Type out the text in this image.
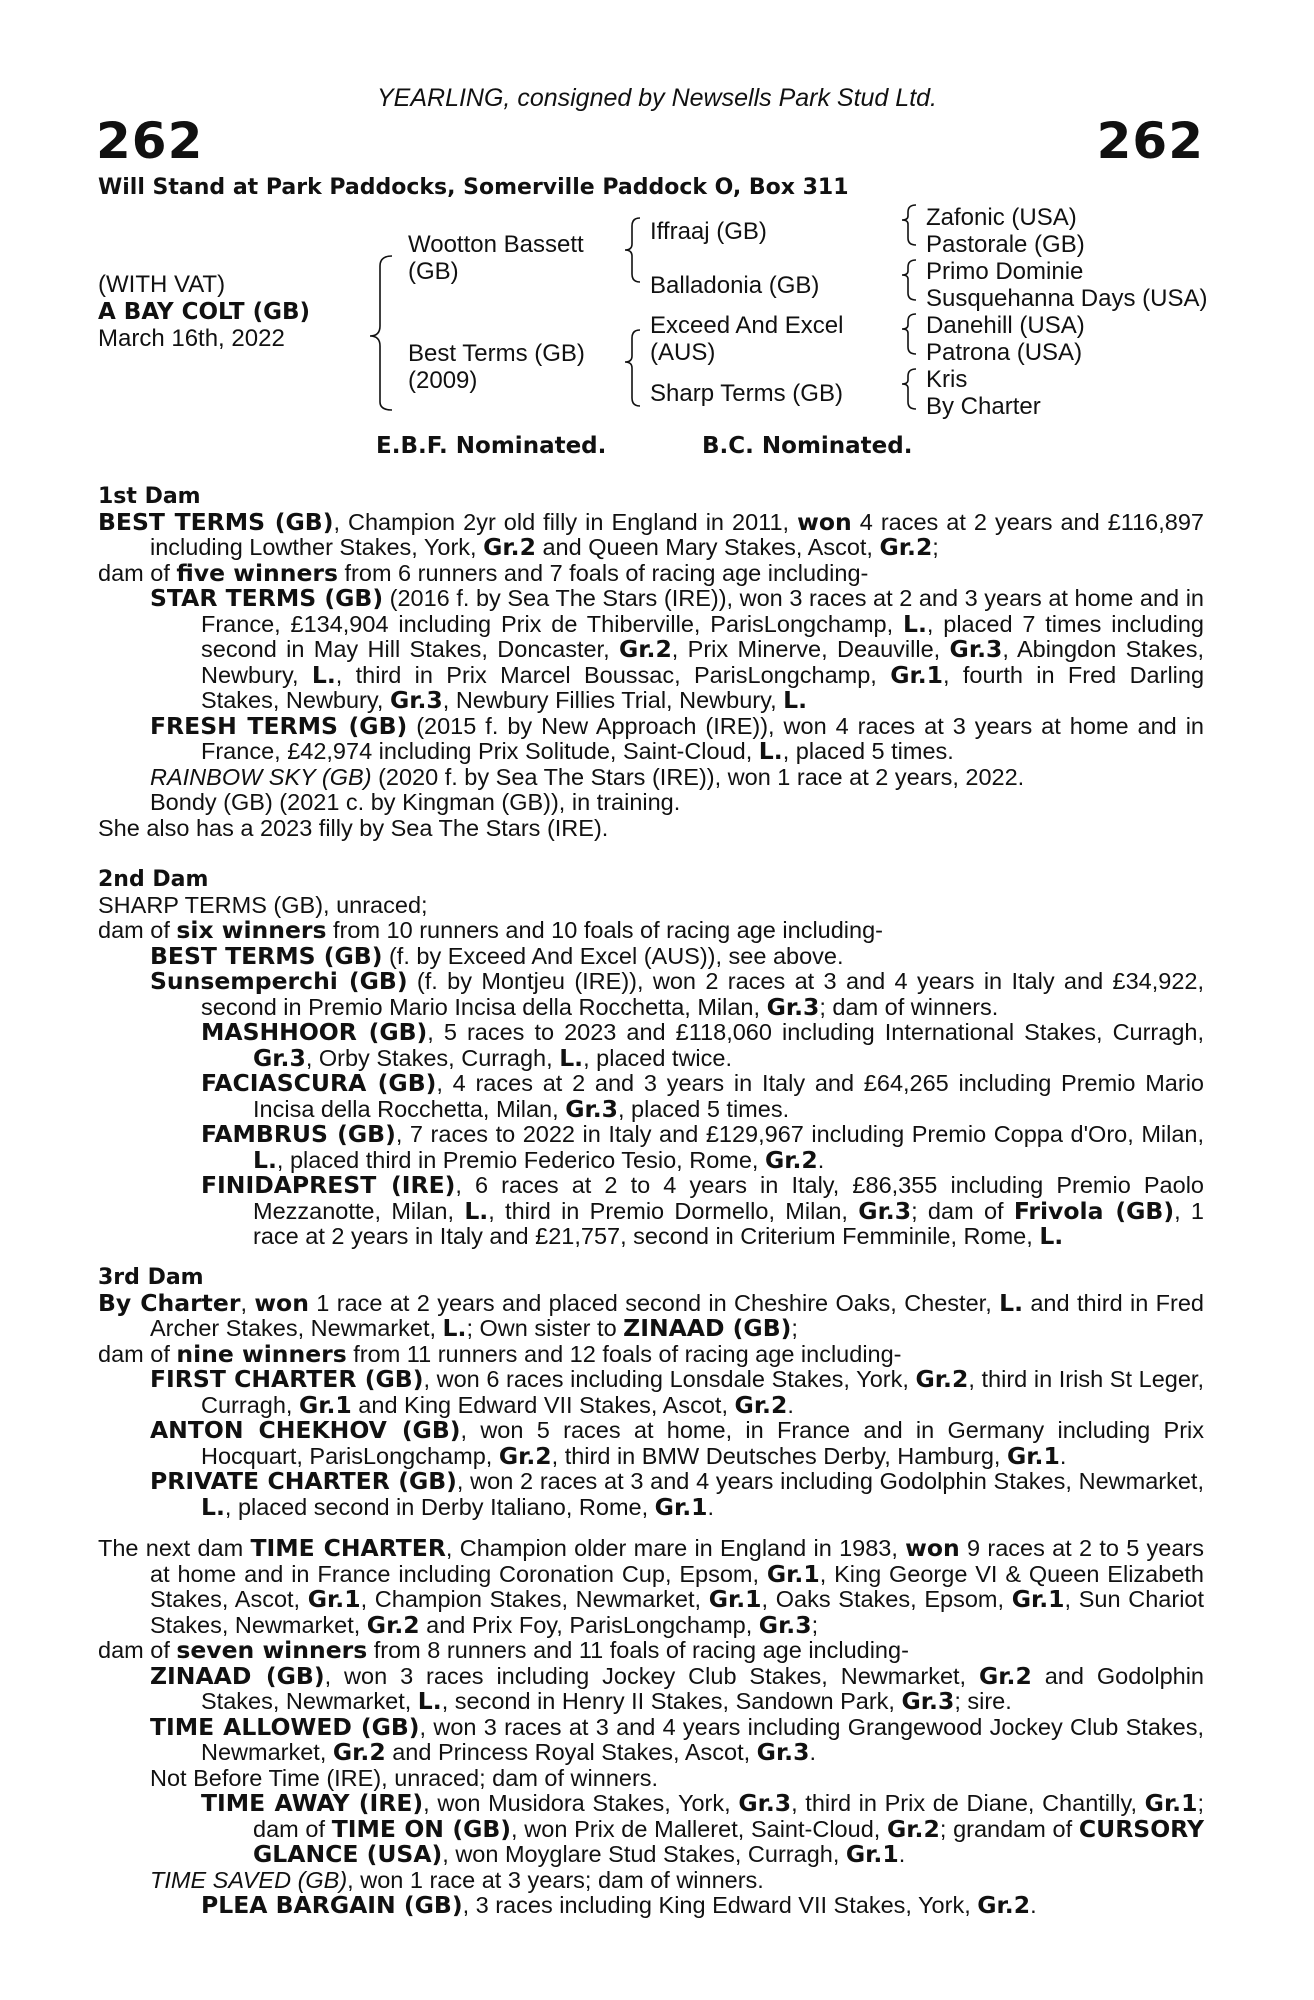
YEARLING, consigned by Newsells Park Stud Ltd.
262	262
Will Stand at Park Paddocks, Somerville Paddock O, Box 311
(WITH VAT)
A BAY COLT (GB)
March 16th, 2022
Wootton Bassett
(GB)
Best Terms (GB)
(2009)
Iffraaj (GB)
Balladonia (GB)
Exceed And Excel
(AUS)
Sharp Terms (GB)
Zafonic (USA)
Pastorale (GB)
Primo Dominie
Susquehanna Days (USA)
Danehill (USA)
Patrona (USA)
Kris
By Charter
E.B.F. Nominated.	B.C. Nominated.

1st Dam

BEST TERMS (GB), Champion 2yr old filly in England in 2011, won 4 races at 2 years and £116,897 including Lowther Stakes, York, Gr.2 and Queen Mary Stakes, Ascot, Gr.2;

dam of five winners from 6 runners and 7 foals of racing age including-

STAR TERMS (GB) (2016 f. by Sea The Stars (IRE)), won 3 races at 2 and 3 years at home and in France, £134,904 including Prix de Thiberville, ParisLongchamp, L., placed 7 times including second in May Hill Stakes, Doncaster, Gr.2, Prix Minerve, Deauville, Gr.3, Abingdon Stakes, Newbury, L., third in Prix Marcel Boussac, ParisLongchamp, Gr.1, fourth in Fred Darling Stakes, Newbury, Gr.3, Newbury Fillies Trial, Newbury, L.

FRESH TERMS (GB) (2015 f. by New Approach (IRE)), won 4 races at 3 years at home and in France, £42,974 including Prix Solitude, Saint-Cloud, L., placed 5 times.

RAINBOW SKY (GB) (2020 f. by Sea The Stars (IRE)), won 1 race at 2 years, 2022.

Bondy (GB) (2021 c. by Kingman (GB)), in training.

She also has a 2023 filly by Sea The Stars (IRE).

2nd Dam

SHARP TERMS (GB), unraced;

dam of six winners from 10 runners and 10 foals of racing age including-

BEST TERMS (GB) (f. by Exceed And Excel (AUS)), see above.

Sunsemperchi (GB) (f. by Montjeu (IRE)), won 2 races at 3 and 4 years in Italy and £34,922, second in Premio Mario Incisa della Rocchetta, Milan, Gr.3; dam of winners.

MASHHOOR (GB), 5 races to 2023 and £118,060 including International Stakes, Curragh, Gr.3, Orby Stakes, Curragh, L., placed twice.

FACIASCURA (GB), 4 races at 2 and 3 years in Italy and £64,265 including Premio Mario Incisa della Rocchetta, Milan, Gr.3, placed 5 times.

FAMBRUS (GB), 7 races to 2022 in Italy and £129,967 including Premio Coppa d'Oro, Milan, L., placed third in Premio Federico Tesio, Rome, Gr.2.

FINIDAPREST (IRE), 6 races at 2 to 4 years in Italy, £86,355 including Premio Paolo Mezzanotte, Milan, L., third in Premio Dormello, Milan, Gr.3; dam of Frivola (GB), 1 race at 2 years in Italy and £21,757, second in Criterium Femminile, Rome, L.

3rd Dam

By Charter, won 1 race at 2 years and placed second in Cheshire Oaks, Chester, L. and third in Fred Archer Stakes, Newmarket, L.; Own sister to ZINAAD (GB);

dam of nine winners from 11 runners and 12 foals of racing age including-

FIRST CHARTER (GB), won 6 races including Lonsdale Stakes, York, Gr.2, third in Irish St Leger, Curragh, Gr.1 and King Edward VII Stakes, Ascot, Gr.2.

ANTON CHEKHOV (GB), won 5 races at home, in France and in Germany including Prix Hocquart, ParisLongchamp, Gr.2, third in BMW Deutsches Derby, Hamburg, Gr.1.

PRIVATE CHARTER (GB), won 2 races at 3 and 4 years including Godolphin Stakes, Newmarket, L., placed second in Derby Italiano, Rome, Gr.1.

The next dam TIME CHARTER, Champion older mare in England in 1983, won 9 races at 2 to 5 years at home and in France including Coronation Cup, Epsom, Gr.1, King George VI & Queen Elizabeth Stakes, Ascot, Gr.1, Champion Stakes, Newmarket, Gr.1, Oaks Stakes, Epsom, Gr.1, Sun Chariot Stakes, Newmarket, Gr.2 and Prix Foy, ParisLongchamp, Gr.3;

dam of seven winners from 8 runners and 11 foals of racing age including-

ZINAAD (GB), won 3 races including Jockey Club Stakes, Newmarket, Gr.2 and Godolphin Stakes, Newmarket, L., second in Henry II Stakes, Sandown Park, Gr.3; sire.

TIME ALLOWED (GB), won 3 races at 3 and 4 years including Grangewood Jockey Club Stakes, Newmarket, Gr.2 and Princess Royal Stakes, Ascot, Gr.3.

Not Before Time (IRE), unraced; dam of winners.

TIME AWAY (IRE), won Musidora Stakes, York, Gr.3, third in Prix de Diane, Chantilly, Gr.1; dam of TIME ON (GB), won Prix de Malleret, Saint-Cloud, Gr.2; grandam of CURSORY GLANCE (USA), won Moyglare Stud Stakes, Curragh, Gr.1.

TIME SAVED (GB), won 1 race at 3 years; dam of winners.

PLEA BARGAIN (GB), 3 races including King Edward VII Stakes, York, Gr.2.
